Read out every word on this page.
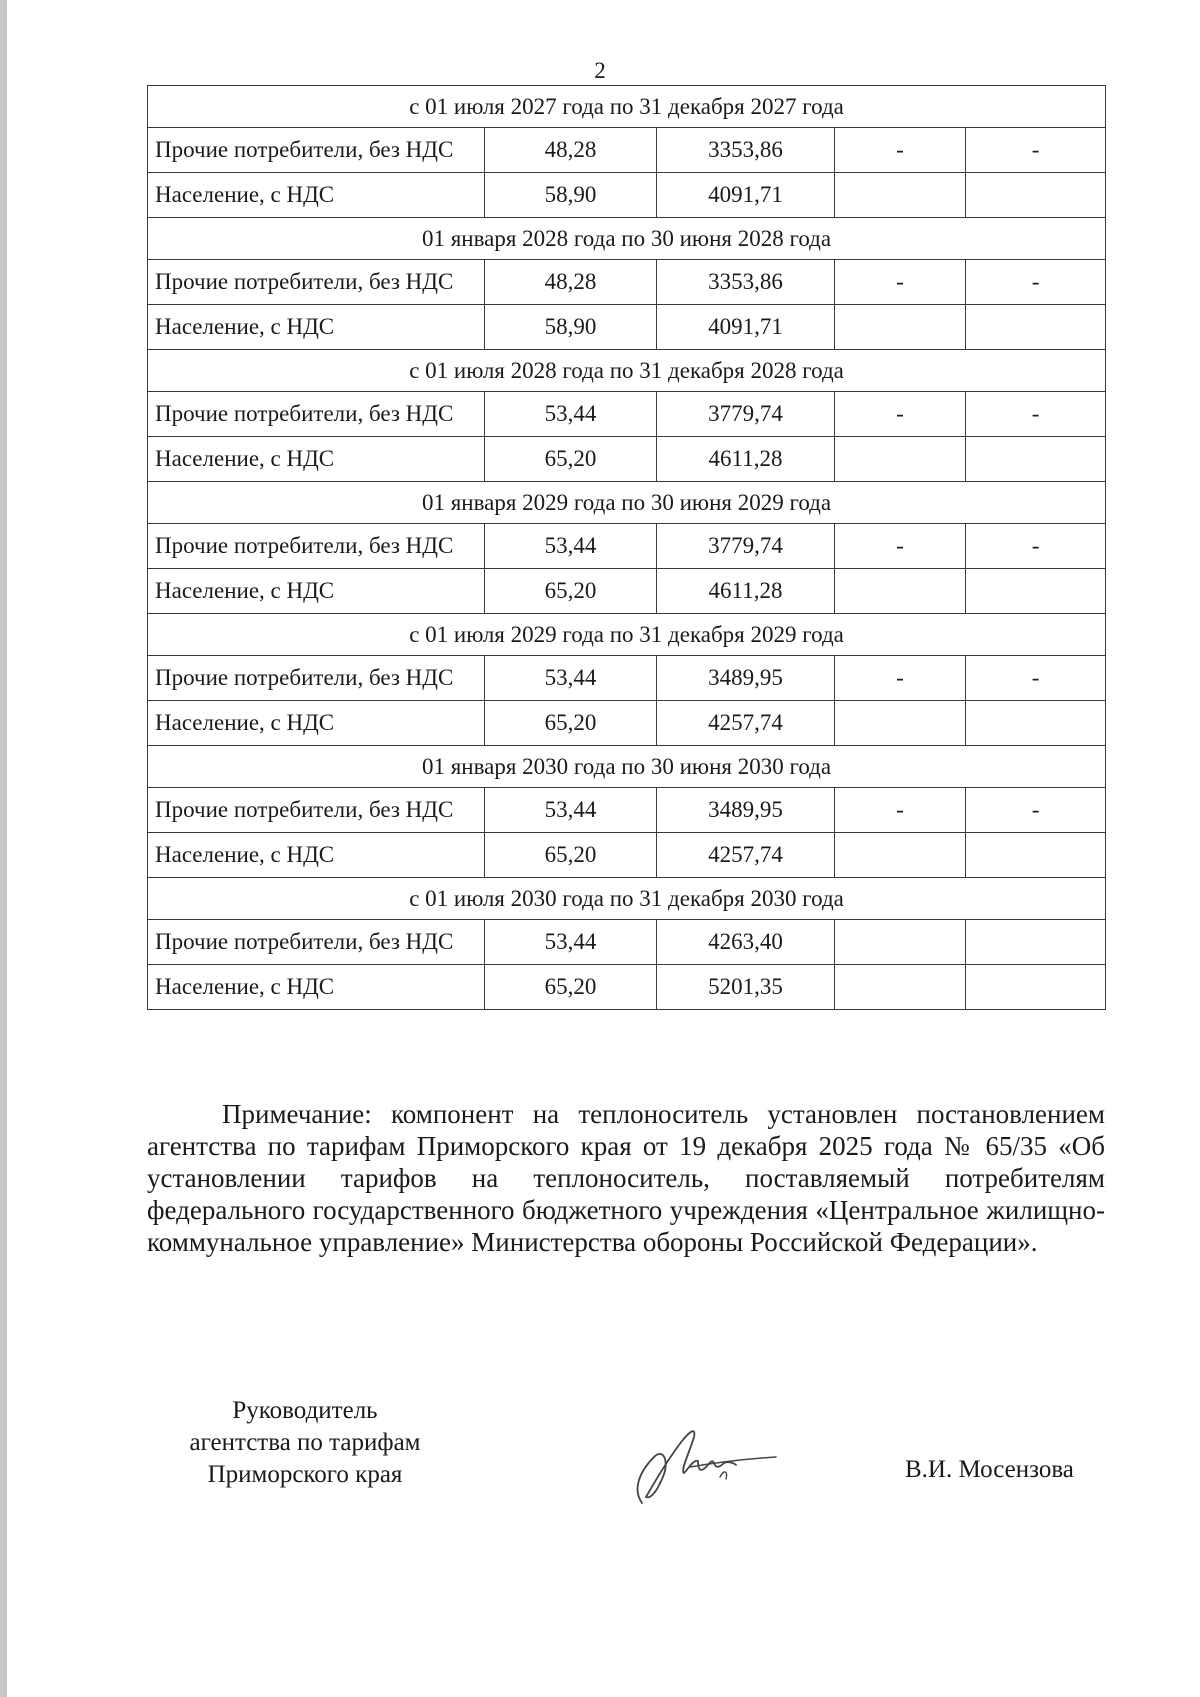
2
с 01 июля 2027 года по 31 декабря 2027 года				
Прочие потребители, без НДС	48,28	3353,86	-	-
Население, с НДС	58,90	4091,71		
01 января 2028 года по 30 июня 2028 года				
Прочие потребители, без НДС	48,28	3353,86	-	-
Население, с НДС	58,90	4091,71		
с 01 июля 2028 года по 31 декабря 2028 года				
Прочие потребители, без НДС	53,44	3779,74	-	-
Население, с НДС	65,20	4611,28		
01 января 2029 года по 30 июня 2029 года				
Прочие потребители, без НДС	53,44	3779,74	-	-
Население, с НДС	65,20	4611,28		
с 01 июля 2029 года по 31 декабря 2029 года				
Прочие потребители, без НДС	53,44	3489,95	-	-
Население, с НДС	65,20	4257,74		
01 января 2030 года по 30 июня 2030 года				
Прочие потребители, без НДС	53,44	3489,95	-	-
Население, с НДС	65,20	4257,74		
с 01 июля 2030 года по 31 декабря 2030 года				
Прочие потребители, без НДС	53,44	4263,40		
Население, с НДС	65,20	5201,35		
Примечание: компонент на теплоноситель установлен постановлением агентства по тарифам Приморского края от 19 декабря 2025 года № 65/35 «Об установлении тарифов на теплоноситель, поставляемый потребителям федерального государственного бюджетного учреждения «Центральное жилищно-коммунальное управление» Министерства обороны Российской Федерации».
Руководитель
агентства по тарифам
Приморского края	В.И. Мосензова
